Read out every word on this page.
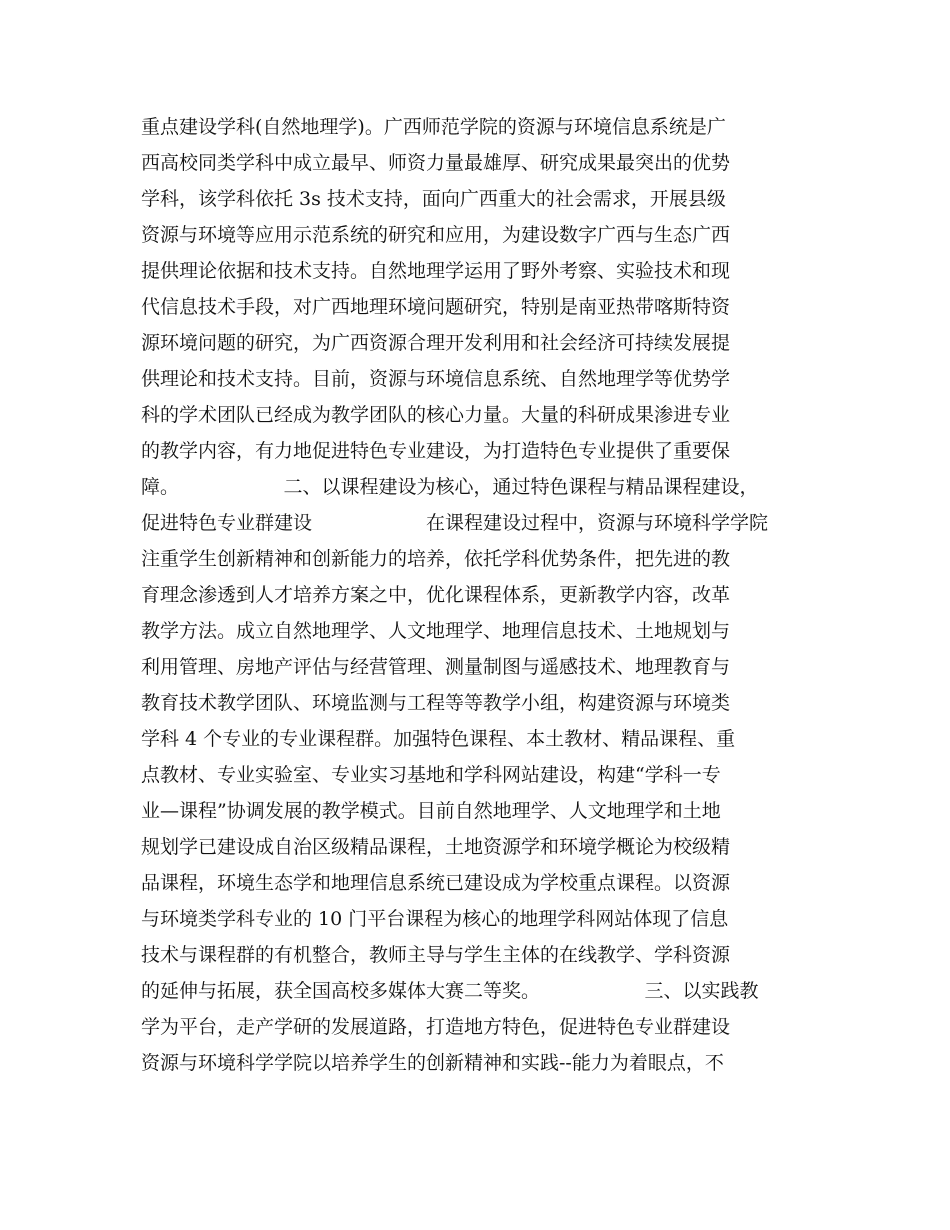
重点建设学科(自然地理学)。广西师范学院的资源与环境信息系统是广
西高校同类学科中成立最早、师资力量最雄厚、研究成果最突出的优势
学科，该学科依托 3s 技术支持，面向广西重大的社会需求，开展县级
资源与环境等应用示范系统的研究和应用，为建设数字广西与生态广西
提供理论依据和技术支持。自然地理学运用了野外考察、实验技术和现
代信息技术手段，对广西地理环境问题研究，特别是南亚热带喀斯特资
源环境问题的研究，为广西资源合理开发利用和社会经济可持续发展提
供理论和技术支持。目前，资源与环境信息系统、自然地理学等优势学
科的学术团队已经成为教学团队的核心力量。大量的科研成果渗进专业
的教学内容，有力地促进特色专业建设，为打造特色专业提供了重要保
障。　　　　　　二、以课程建设为核心，通过特色课程与精品课程建设，
促进特色专业群建设　　　　　　在课程建设过程中，资源与环境科学学院
注重学生创新精神和创新能力的培养，依托学科优势条件，把先进的教
育理念渗透到人才培养方案之中，优化课程体系，更新教学内容，改革
教学方法。成立自然地理学、人文地理学、地理信息技术、土地规划与
利用管理、房地产评估与经营管理、测量制图与遥感技术、地理教育与
教育技术教学团队、环境监测与工程等等教学小组，构建资源与环境类
学科 4 个专业的专业课程群。加强特色课程、本土教材、精品课程、重
点教材、专业实验室、专业实习基地和学科网站建设，构建“学科一专
业—课程”协调发展的教学模式。目前自然地理学、人文地理学和土地
规划学已建设成自治区级精品课程，土地资源学和环境学概论为校级精
品课程，环境生态学和地理信息系统已建设成为学校重点课程。以资源
与环境类学科专业的 10 门平台课程为核心的地理学科网站体现了信息
技术与课程群的有机整合，教师主导与学生主体的在线教学、学科资源
的延伸与拓展，获全国高校多媒体大赛二等奖。　　　　　　三、以实践教
学为平台，走产学研的发展道路，打造地方特色，促进特色专业群建设
资源与环境科学学院以培养学生的创新精神和实践--能力为着眼点，不
